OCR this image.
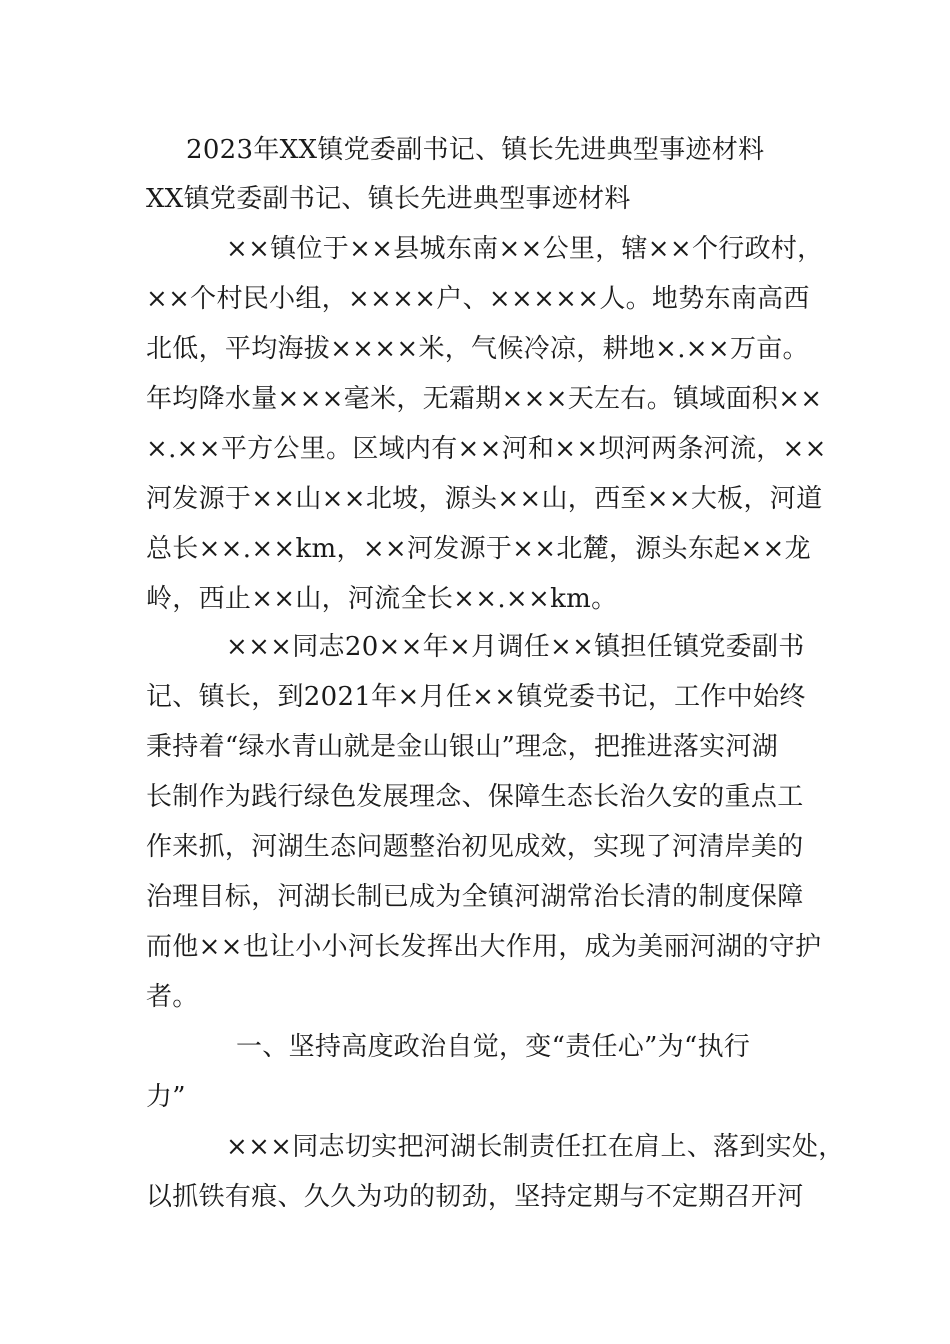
2023年XX镇党委副书记、镇长先进典型事迹材料
XX镇党委副书记、镇长先进典型事迹材料
××镇位于××县城东南××公里，辖××个行政村，
××个村民小组，××××户、×××××人。地势东南高西
北低，平均海拔××××米，气候冷凉，耕地×.××万亩。
年均降水量×××毫米，无霜期×××天左右。镇域面积××
×.××平方公里。区域内有××河和××坝河两条河流，××
河发源于××山××北坡，源头××山，西至××大板，河道
总长××.××km，××河发源于××北麓，源头东起××龙
岭，西止××山，河流全长××.××km。
×××同志20××年×月调任××镇担任镇党委副书
记、镇长，到2021年×月任××镇党委书记，工作中始终
秉持着“绿水青山就是金山银山”理念，把推进落实河湖
长制作为践行绿色发展理念、保障生态长治久安的重点工
作来抓，河湖生态问题整治初见成效，实现了河清岸美的
治理目标，河湖长制已成为全镇河湖常治长清的制度保障
而他××也让小小河长发挥出大作用，成为美丽河湖的守护
者。
一、坚持高度政治自觉，变“责任心”为“执行
力”
×××同志切实把河湖长制责任扛在肩上、落到实处，
以抓铁有痕、久久为功的韧劲，坚持定期与不定期召开河
